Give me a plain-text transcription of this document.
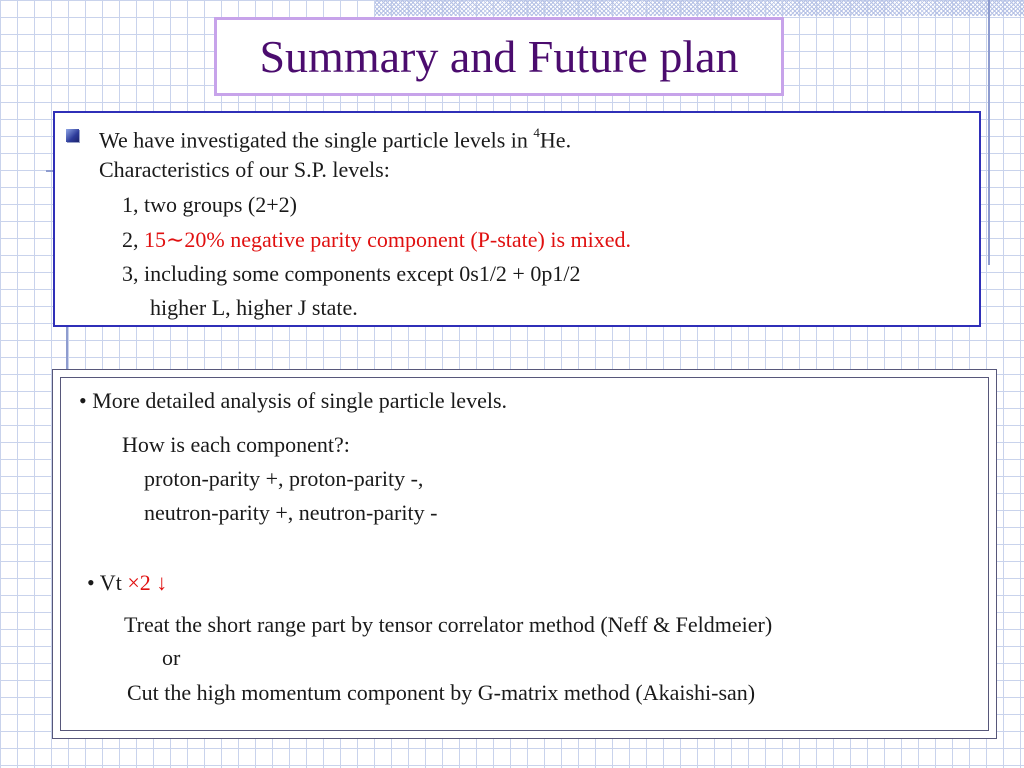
Summary and Future plan
We have investigated the single particle levels in $^4$He.
Characteristics of our S.P. levels:
1, two groups (2+2)
2, 15∼20% negative parity component (P-state) is mixed.
3, including some components except 0s1/2 + 0p1/2
higher L, higher J state.
• More detailed analysis of single particle levels.
How is each component?:
proton-parity +, proton-parity -,
neutron-parity +, neutron-parity -
• Vt ×2 ↓
Treat the short range part by tensor correlator method (Neff & Feldmeier)
or
Cut the high momentum component by G-matrix method (Akaishi-san)
